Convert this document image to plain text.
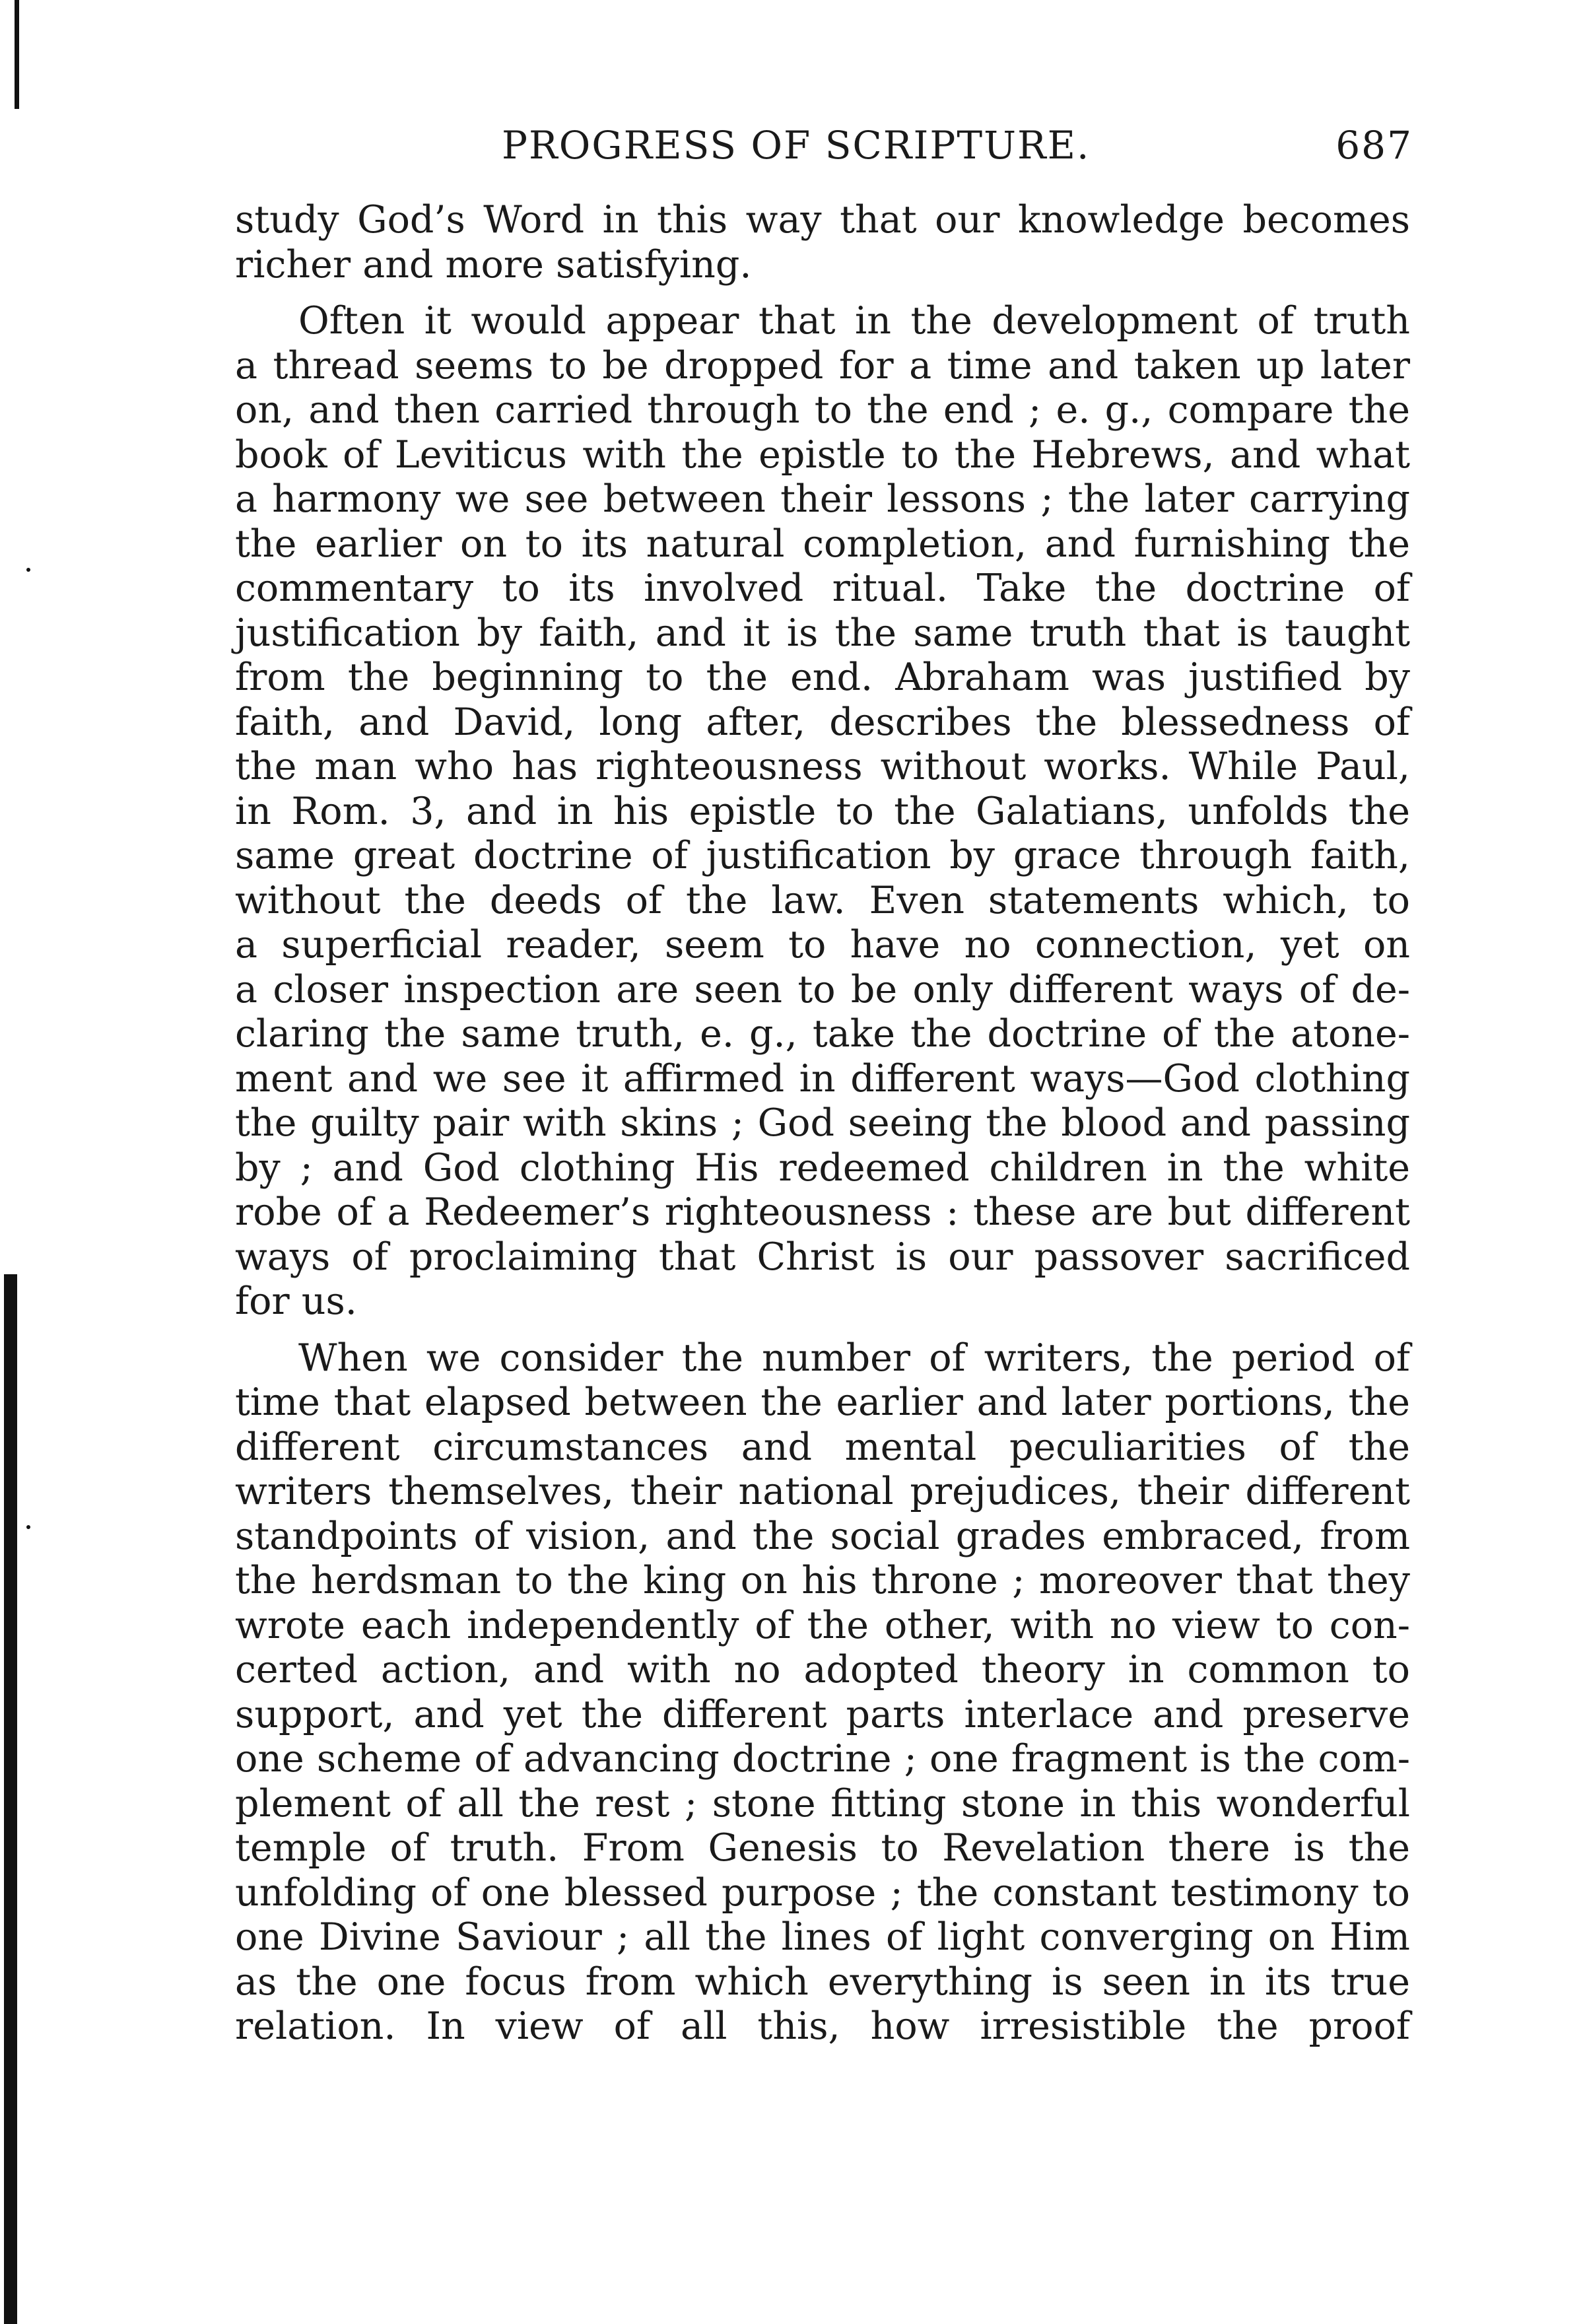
PROGRESS OF SCRIPTURE.	687
study God’s Word in this way that our knowledge becomes
richer and more satisfying.
Often it would appear that in the development of truth
a thread seems to be dropped for a time and taken up later
on, and then carried through to the end ; e. g., compare the
book of Leviticus with the epistle to the Hebrews, and what
a harmony we see between their lessons ; the later carrying
the earlier on to its natural completion, and furnishing the
commentary to its involved ritual. Take the doctrine of
justification by faith, and it is the same truth that is taught
from the beginning to the end. Abraham was justified by
faith, and David, long after, describes the blessedness of
the man who has righteousness without works. While Paul,
in Rom. 3, and in his epistle to the Galatians, unfolds the
same great doctrine of justification by grace through faith,
without the deeds of the law. Even statements which, to
a superficial reader, seem to have no connection, yet on
a closer inspection are seen to be only different ways of de-
claring the same truth, e. g., take the doctrine of the atone-
ment and we see it affirmed in different ways—God clothing
the guilty pair with skins ; God seeing the blood and passing
by ; and God clothing His redeemed children in the white
robe of a Redeemer’s righteousness : these are but different
ways of proclaiming that Christ is our passover sacrificed
for us.
When we consider the number of writers, the period of
time that elapsed between the earlier and later portions, the
different circumstances and mental peculiarities of the
writers themselves, their national prejudices, their different
standpoints of vision, and the social grades embraced, from
the herdsman to the king on his throne ; moreover that they
wrote each independently of the other, with no view to con-
certed action, and with no adopted theory in common to
support, and yet the different parts interlace and preserve
one scheme of advancing doctrine ; one fragment is the com-
plement of all the rest ; stone fitting stone in this wonderful
temple of truth. From Genesis to Revelation there is the
unfolding of one blessed purpose ; the constant testimony to
one Divine Saviour ; all the lines of light converging on Him
as the one focus from which everything is seen in its true
relation. In view of all this, how irresistible the proof
